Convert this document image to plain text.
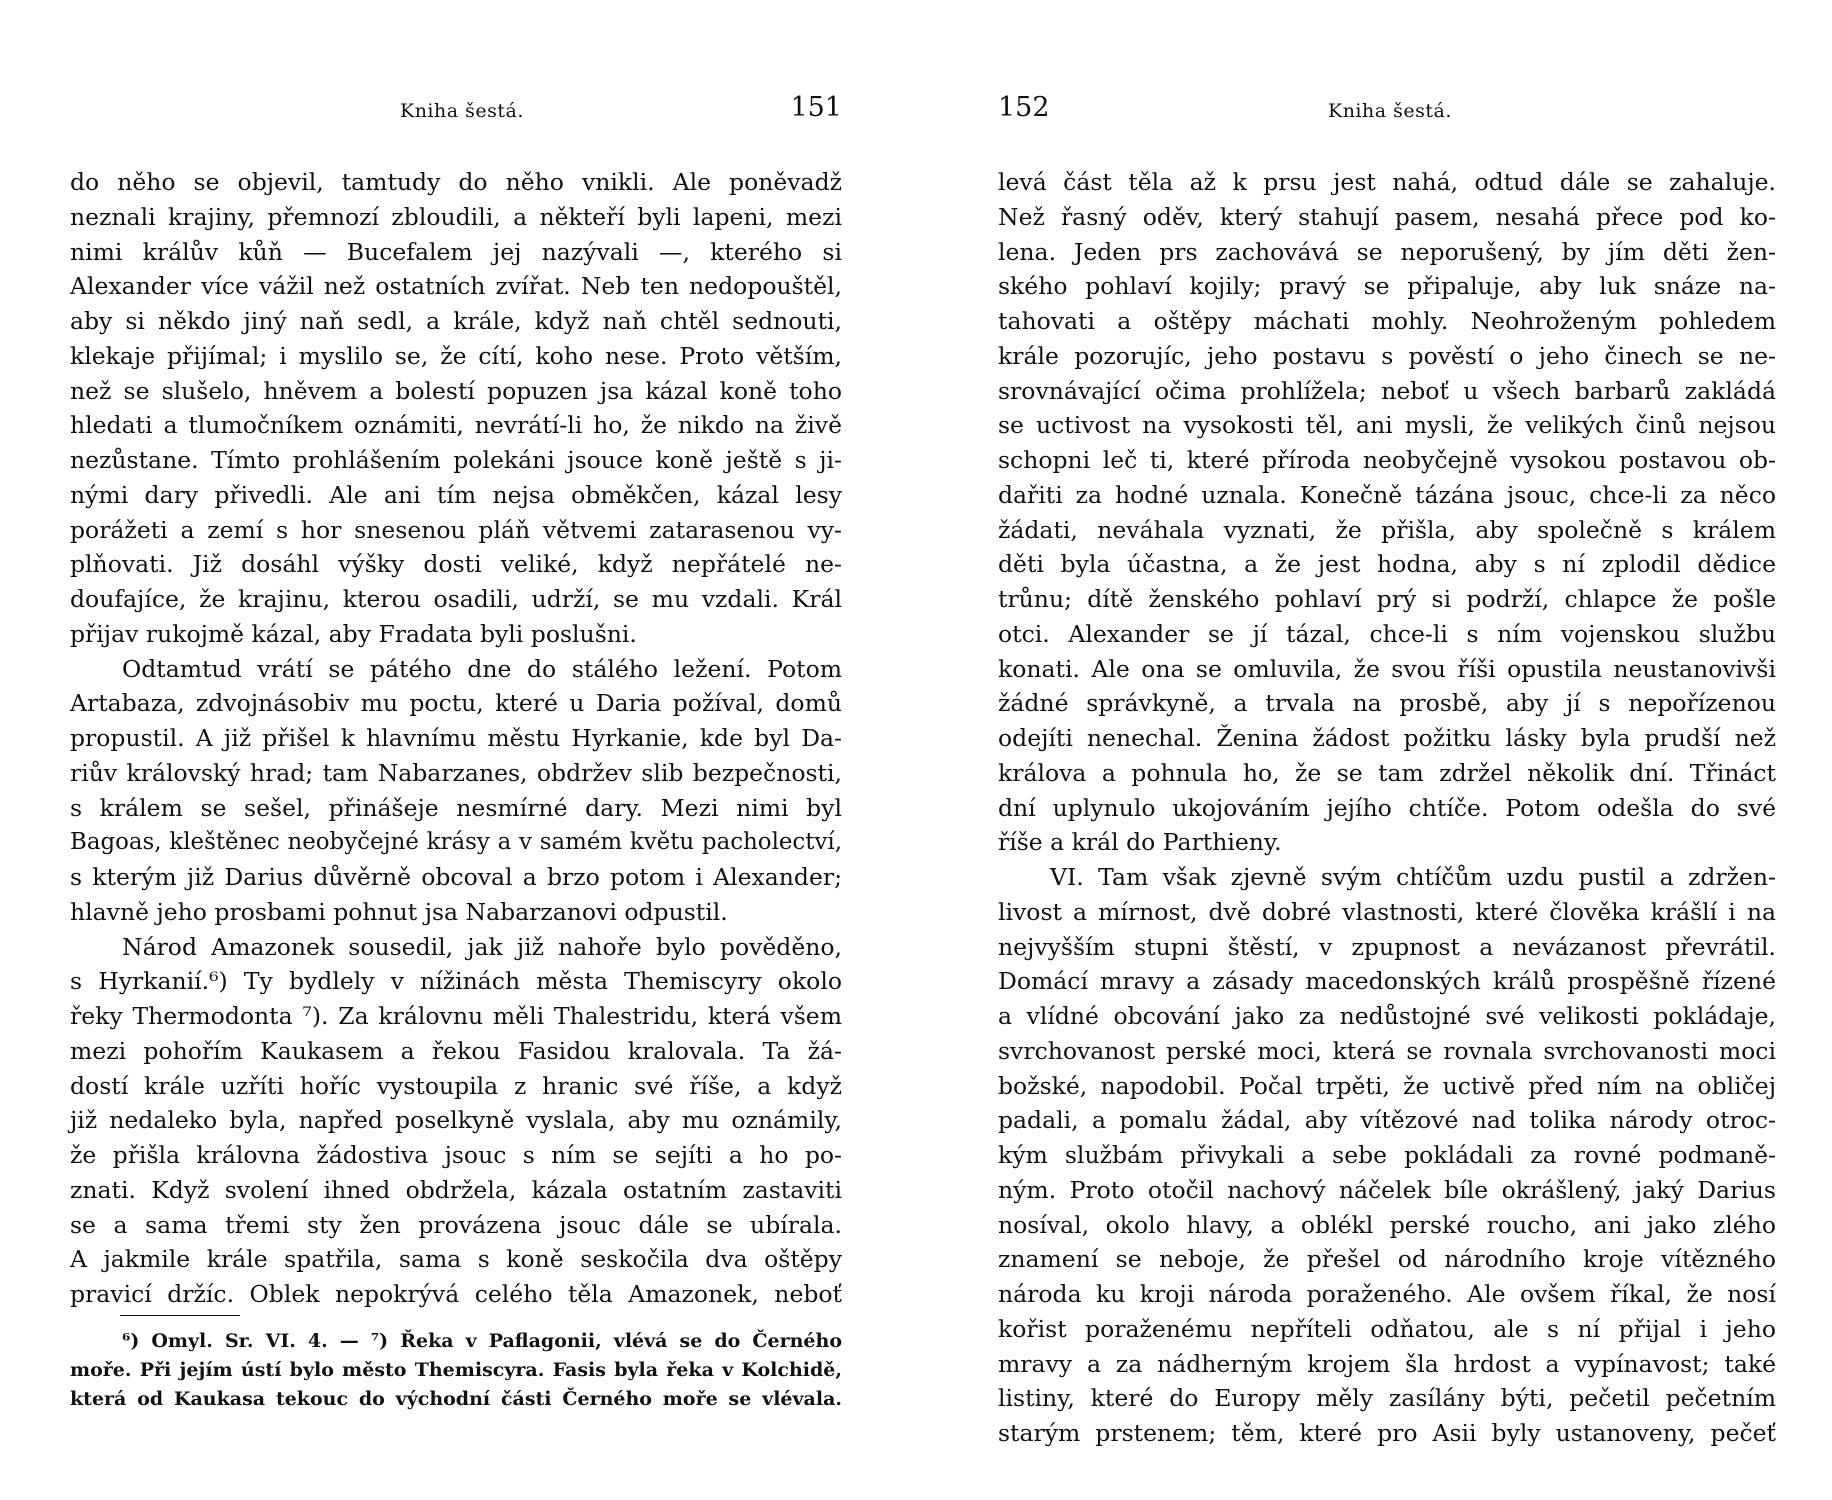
Kniha šestá.	151
do něho se objevil, tamtudy do něho vnikli. Ale poněvadž
neznali krajiny, přemnozí zbloudili, a někteří byli lapeni, mezi
nimi králův kůň — Bucefalem jej nazývali —, kterého si
Alexander více vážil než ostatních zvířat. Neb ten nedopouštěl,
aby si někdo jiný naň sedl, a krále, když naň chtěl sednouti,
klekaje přijímal; i myslilo se, že cítí, koho nese. Proto větším,
než se slušelo, hněvem a bolestí popuzen jsa kázal koně toho
hledati a tlumočníkem oznámiti, nevrátí-li ho, že nikdo na živě
nezůstane. Tímto prohlášením polekáni jsouce koně ještě s ji-
nými dary přivedli. Ale ani tím nejsa obměkčen, kázal lesy
porážeti a zemí s hor snesenou pláň větvemi zatarasenou vy-
plňovati. Již dosáhl výšky dosti veliké, když nepřátelé ne-
doufajíce, že krajinu, kterou osadili, udrží, se mu vzdali. Král
přijav rukojmě kázal, aby Fradata byli poslušni.
Odtamtud vrátí se pátého dne do stálého ležení. Potom
Artabaza, zdvojnásobiv mu poctu, které u Daria požíval, domů
propustil. A již přišel k hlavnímu městu Hyrkanie, kde byl Da-
riův královský hrad; tam Nabarzanes, obdržev slib bezpečnosti,
s králem se sešel, přinášeje nesmírné dary. Mezi nimi byl
Bagoas, kleštěnec neobyčejné krásy a v samém květu pacholectví,
s kterým již Darius důvěrně obcoval a brzo potom i Alexander;
hlavně jeho prosbami pohnut jsa Nabarzanovi odpustil.
Národ Amazonek sousedil, jak již nahoře bylo pověděno,
s Hyrkanií.⁶) Ty bydlely v nížinách města Themiscyry okolo
řeky Thermodonta ⁷). Za královnu měli Thalestridu, která všem
mezi pohořím Kaukasem a řekou Fasidou kralovala. Ta žá-
dostí krále uzříti hoříc vystoupila z hranic své říše, a když
již nedaleko byla, napřed poselkyně vyslala, aby mu oznámily,
že přišla královna žádostiva jsouc s ním se sejíti a ho po-
znati. Když svolení ihned obdržela, kázala ostatním zastaviti
se a sama třemi sty žen provázena jsouc dále se ubírala.
A jakmile krále spatřila, sama s koně seskočila dva oštěpy
pravicí držíc. Oblek nepokrývá celého těla Amazonek, neboť
⁶) Omyl. Sr. VI. 4. — ⁷) Řeka v Paflagonii, vlévá se do Černého
moře. Při jejím ústí bylo město Themiscyra. Fasis byla řeka v Kolchidě,
která od Kaukasa tekouc do východní části Černého moře se vlévala.
152	Kniha šestá.
levá část těla až k prsu jest nahá, odtud dále se zahaluje.
Než řasný oděv, který stahují pasem, nesahá přece pod ko-
lena. Jeden prs zachovává se neporušený, by jím děti žen-
ského pohlaví kojily; pravý se připaluje, aby luk snáze na-
tahovati a oštěpy máchati mohly. Neohroženým pohledem
krále pozorujíc, jeho postavu s pověstí o jeho činech se ne-
srovnávající očima prohlížela; neboť u všech barbarů zakládá
se uctivost na vysokosti těl, ani mysli, že velikých činů nejsou
schopni leč ti, které příroda neobyčejně vysokou postavou ob-
dařiti za hodné uznala. Konečně tázána jsouc, chce-li za něco
žádati, neváhala vyznati, že přišla, aby společně s králem
děti byla účastna, a že jest hodna, aby s ní zplodil dědice
trůnu; dítě ženského pohlaví prý si podrží, chlapce že pošle
otci. Alexander se jí tázal, chce-li s ním vojenskou službu
konati. Ale ona se omluvila, že svou říši opustila neustanovivši
žádné správkyně, a trvala na prosbě, aby jí s nepořízenou
odejíti nenechal. Ženina žádost požitku lásky byla prudší než
králova a pohnula ho, že se tam zdržel několik dní. Třináct
dní uplynulo ukojováním jejího chtíče. Potom odešla do své
říše a král do Parthieny.
VI. Tam však zjevně svým chtíčům uzdu pustil a zdržen-
livost a mírnost, dvě dobré vlastnosti, které člověka krášlí i na
nejvyšším stupni štěstí, v zpupnost a nevázanost převrátil.
Domácí mravy a zásady macedonských králů prospěšně řízené
a vlídné obcování jako za nedůstojné své velikosti pokládaje,
svrchovanost perské moci, která se rovnala svrchovanosti moci
božské, napodobil. Počal trpěti, že uctivě před ním na obličej
padali, a pomalu žádal, aby vítězové nad tolika národy otroc-
kým službám přivykali a sebe pokládali za rovné podmaně-
ným. Proto otočil nachový náčelek bíle okrášlený, jaký Darius
nosíval, okolo hlavy, a oblékl perské roucho, ani jako zlého
znamení se neboje, že přešel od národního kroje vítězného
národa ku kroji národa poraženého. Ale ovšem říkal, že nosí
kořist poraženému nepříteli odňatou, ale s ní přijal i jeho
mravy a za nádherným krojem šla hrdost a vypínavost; také
listiny, které do Europy měly zasílány býti, pečetil pečetním
starým prstenem; těm, které pro Asii byly ustanoveny, pečeť
